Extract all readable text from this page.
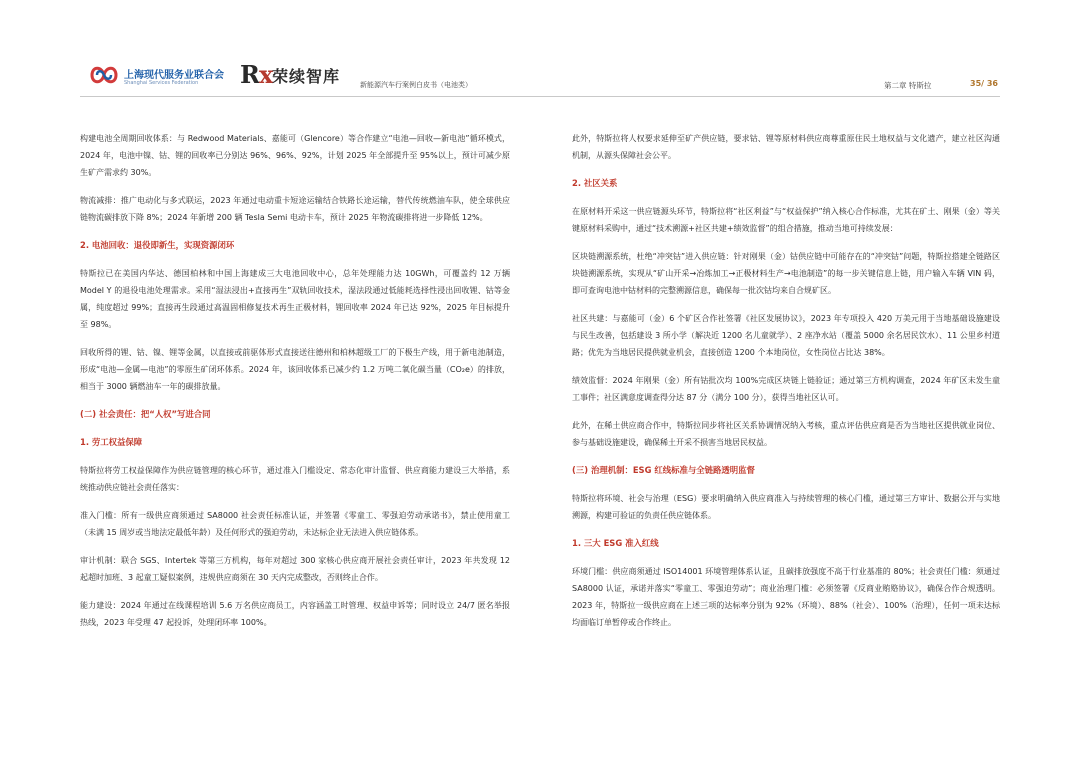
上海现代服务业联合会
Shanghai Services Federation Rx 荣续智库	新能源汽车行案例白皮书（电池类）	第二章 特斯拉	35/ 36

构建电池全周期回收体系：与 Redwood Materials、嘉能可（Glencore）等合作建立“电池—回收—新电池”循环模式，2024 年，电池中镍、钴、锂的回收率已分别达 96%、96%、92%，计划 2025 年全部提升至 95%以上，预计可减少原生矿产需求约 30%。

物流减排：推广电动化与多式联运，2023 年通过电动重卡短途运输结合铁路长途运输，替代传统燃油车队，使全球供应链物流碳排放下降 8%；2024 年新增 200 辆 Tesla Semi 电动卡车，预计 2025 年物流碳排将进一步降低 12%。

2. 电池回收：退役即新生，实现资源闭环

特斯拉已在美国内华达、德国柏林和中国上海建成三大电池回收中心，总年处理能力达 10GWh，可覆盖约 12 万辆 Model Y 的退役电池处理需求。采用“湿法浸出+直接再生”双轨回收技术，湿法段通过低能耗选择性浸出回收锂、钴等金属，纯度超过 99%；直接再生段通过高温固相修复技术再生正极材料，锂回收率 2024 年已达 92%，2025 年目标提升至 98%。

回收所得的锂、钴、镍、锂等金属，以直接或前驱体形式直接送往德州和柏林超级工厂的下极生产线，用于新电池制造，形成“电池—金属—电池”的零原生矿闭环体系。2024 年，该回收体系已减少约 1.2 万吨二氧化碳当量（CO₂e）的排放，相当于 3000 辆燃油车一年的碳排放量。

(二) 社会责任：把“人权”写进合同
1. 劳工权益保障

特斯拉将劳工权益保障作为供应链管理的核心环节，通过准入门槛设定、常态化审计监督、供应商能力建设三大举措，系统推动供应链社会责任落实：

准入门槛：所有一级供应商须通过 SA8000 社会责任标准认证，并签署《零童工、零强迫劳动承诺书》，禁止使用童工（未满 15 周岁或当地法定最低年龄）及任何形式的强迫劳动，未达标企业无法进入供应链体系。

审计机制：联合 SGS、Intertek 等第三方机构，每年对超过 300 家核心供应商开展社会责任审计，2023 年共发现 12 起超时加班、3 起童工疑似案例，违规供应商须在 30 天内完成整改，否则终止合作。

能力建设：2024 年通过在线课程培训 5.6 万名供应商员工，内容涵盖工时管理、权益申诉等；同时设立 24/7 匿名举报热线，2023 年受理 47 起投诉，处理闭环率 100%。

此外，特斯拉将人权要求延伸至矿产供应链，要求钴、锂等原材料供应商尊重原住民土地权益与文化遗产，建立社区沟通机制，从源头保障社会公平。

2. 社区关系

在原材料开采这一供应链源头环节，特斯拉将“社区利益”与“权益保护”纳入核心合作标准，尤其在矿土、刚果（金）等关键原材料采购中，通过“技术溯源+社区共建+绩效监督”的组合措施，推动当地可持续发展：

区块链溯源系统，杜绝“冲突钴”进入供应链：针对刚果（金）钴供应链中可能存在的“冲突钴”问题，特斯拉搭建全链路区块链溯源系统，实现从“矿山开采→冶炼加工→正极材料生产→电池制造”的每一步关键信息上链，用户输入车辆 VIN 码，即可查询电池中钴材料的完整溯源信息，确保每一批次钴均来自合规矿区。

社区共建：与嘉能可（金）6 个矿区合作社签署《社区发展协议》，2023 年专项投入 420 万美元用于当地基础设施建设与民生改善，包括建设 3 所小学（解决近 1200 名儿童就学）、2 座净水站（覆盖 5000 余名居民饮水）、11 公里乡村道路；优先为当地居民提供就业机会，直接创造 1200 个本地岗位，女性岗位占比达 38%。

绩效监督：2024 年刚果（金）所有钴批次均 100%完成区块链上链验证；通过第三方机构调查，2024 年矿区未发生童工事件；社区满意度调查得分达 87 分（满分 100 分），获得当地社区认可。

此外，在稀土供应商合作中，特斯拉同步将社区关系协调情况纳入考核，重点评估供应商是否为当地社区提供就业岗位、参与基础设施建设，确保稀土开采不损害当地居民权益。

(三) 治理机制：ESG 红线标准与全链路透明监督

特斯拉将环境、社会与治理（ESG）要求明确纳入供应商准入与持续管理的核心门槛，通过第三方审计、数据公开与实地溯源，构建可验证的负责任供应链体系。

1. 三大 ESG 准入红线

环境门槛：供应商须通过 ISO14001 环境管理体系认证，且碳排放强度不高于行业基准的 80%；社会责任门槛：须通过 SA8000 认证，承诺并落实“零童工、零强迫劳动”；商业治理门槛：必须签署《反商业贿赂协议》，确保合作合规透明。2023 年，特斯拉一级供应商在上述三项的达标率分别为 92%（环境）、88%（社会）、100%（治理），任何一项未达标均面临订单暂停或合作终止。
